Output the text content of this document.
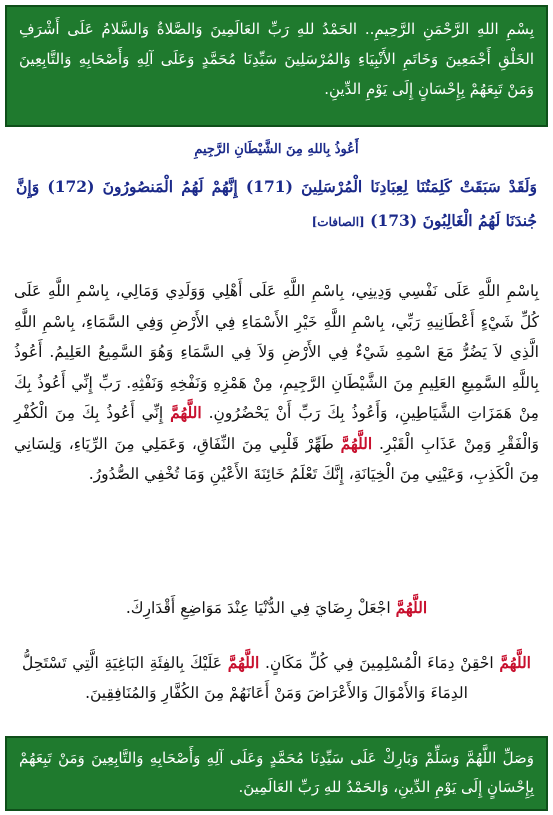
بِسْمِ اللهِ الرَّحْمَنِ الرَّحِيمِ.. الحَمْدُ للهِ رَبِّ العَالَمِينَ وَالصَّلاةُ وَالسَّلامُ عَلَى أَشْرَفِ الخَلْقِ أَجْمَعِينَ وَخَاتَمِ الأَنْبِيَاءِ وَالمُرْسَلِينَ سَيِّدِنَا مُحَمَّدٍ وَعَلَى آلِهِ وَأَصْحَابِهِ وَالتَّابِعِينَ وَمَنْ تَبِعَهُمْ بِإِحْسَانٍ إِلَى يَوْمِ الدِّينِ.
أَعُوذُ بِاللهِ مِنَ الشَّيْطَانِ الرَّجِيمِ
وَلَقَدْ سَبَقَتْ كَلِمَتُنَا لِعِبَادِنَا الْمُرْسَلِينَ (171) إِنَّهُمْ لَهُمُ الْمَنصُورُونَ (172) وَإِنَّ جُندَنَا لَهُمُ الْغَالِبُونَ (173) [الصافات]
بِاسْمِ اللَّهِ عَلَى نَفْسِي وَدِينِي، بِاسْمِ اللَّهِ عَلَى أَهْلِي وَوَلَدِي وَمَالِي، بِاسْمِ اللَّهِ عَلَى كُلِّ شَيْءٍ أَعْطَانِيهِ رَبِّي، بِاسْمِ اللَّهِ خَيْرِ الأَسْمَاءِ فِي الأَرْضِ وَفِي السَّمَاءِ، بِاسْمِ اللَّهِ الَّذِي لاَ يَضُرُّ مَعَ اسْمِهِ شَيْءٌ فِي الأَرْضِ وَلاَ فِي السَّمَاءِ وَهُوَ السَّمِيعُ العَلِيمُ. أَعُوذُ بِاللَّهِ السَّمِيعِ العَلِيمِ مِنَ الشَّيْطَانِ الرَّجِيمِ، مِنْ هَمْزِهِ وَنَفْخِهِ وَنَفْثِهِ. رَبِّ إِنِّي أَعُوذُ بِكَ مِنْ هَمَزَاتِ الشَّيَاطِينِ، وَأَعُوذُ بِكَ رَبِّ أَنْ يَحْضُرُونِ. اللَّهُمَّ إِنِّي أَعُوذُ بِكَ مِنَ الْكُفْرِ وَالْفَقْرِ وَمِنْ عَذَابِ الْقَبْرِ. اللَّهُمَّ طَهِّرْ قَلْبِي مِنَ النِّفَاقِ، وَعَمَلِي مِنَ الرِّيَاءِ، وَلِسَانِي مِنَ الْكَذِبِ، وَعَيْنِي مِنَ الْخِيَانَةِ، إِنَّكَ تَعْلَمُ خَائِنَةَ الأَعْيُنِ وَمَا تُخْفِي الصُّدُورُ.
اللَّهُمَّ اجْعَلْ رِضَايَ فِي الدُّنْيَا عِنْدَ مَوَاضِعِ أَقْدَارِكَ.
اللَّهُمَّ احْقِنْ دِمَاءَ الْمُسْلِمِينَ فِي كُلِّ مَكَانٍ. اللَّهُمَّ عَلَيْكَ بِالفِئَةِ البَاغِيَةِ الَّتِي تَسْتَحِلُّ الدِمَاءَ وَالأَمْوَالَ وَالأَعْرَاضَ وَمَنْ أَعَانَهُمْ مِنَ الكُفَّارِ وَالمُنَافِقِينَ.
وَصَلِّ اللَّهُمَّ وَسَلِّمْ وَبَارِكْ عَلَى سَيِّدِنَا مُحَمَّدٍ وَعَلَى آلِهِ وَأَصْحَابِهِ وَالتَّابِعِينَ وَمَنْ تَبِعَهُمْ بِإِحْسَانٍ إِلَى يَوْمِ الدِّينِ، وَالحَمْدُ للهِ رَبِّ العَالَمِينَ.
